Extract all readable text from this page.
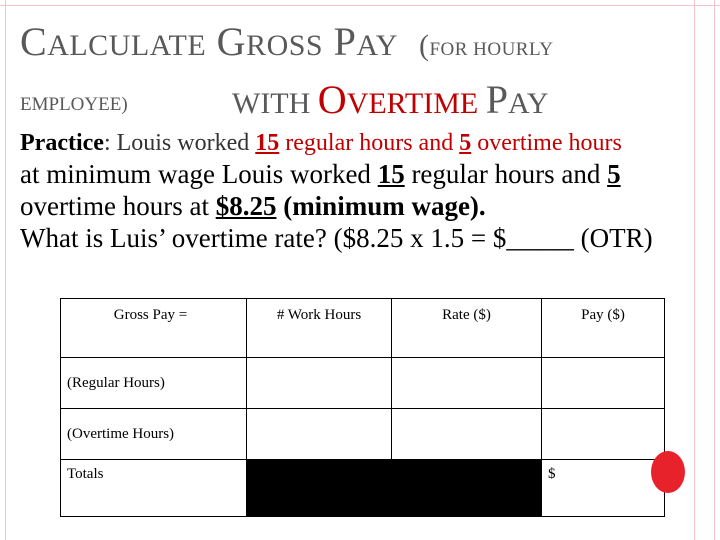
CALCULATE GROSS PAY (FOR HOURLY
EMPLOYEE)	WITH OVERTIME PAY
Practice: Louis worked 15 regular hours and 5 overtime hours
at minimum wage Louis worked 15 regular hours and 5 overtime hours at $8.25 (minimum wage).
What is Luis’ overtime rate? ($8.25 x 1.5 = $_____ (OTR)
Gross Pay =	# Work Hours	Rate ($)	Pay ($)
(Regular Hours)			
(Overtime Hours)			
Totals			$
